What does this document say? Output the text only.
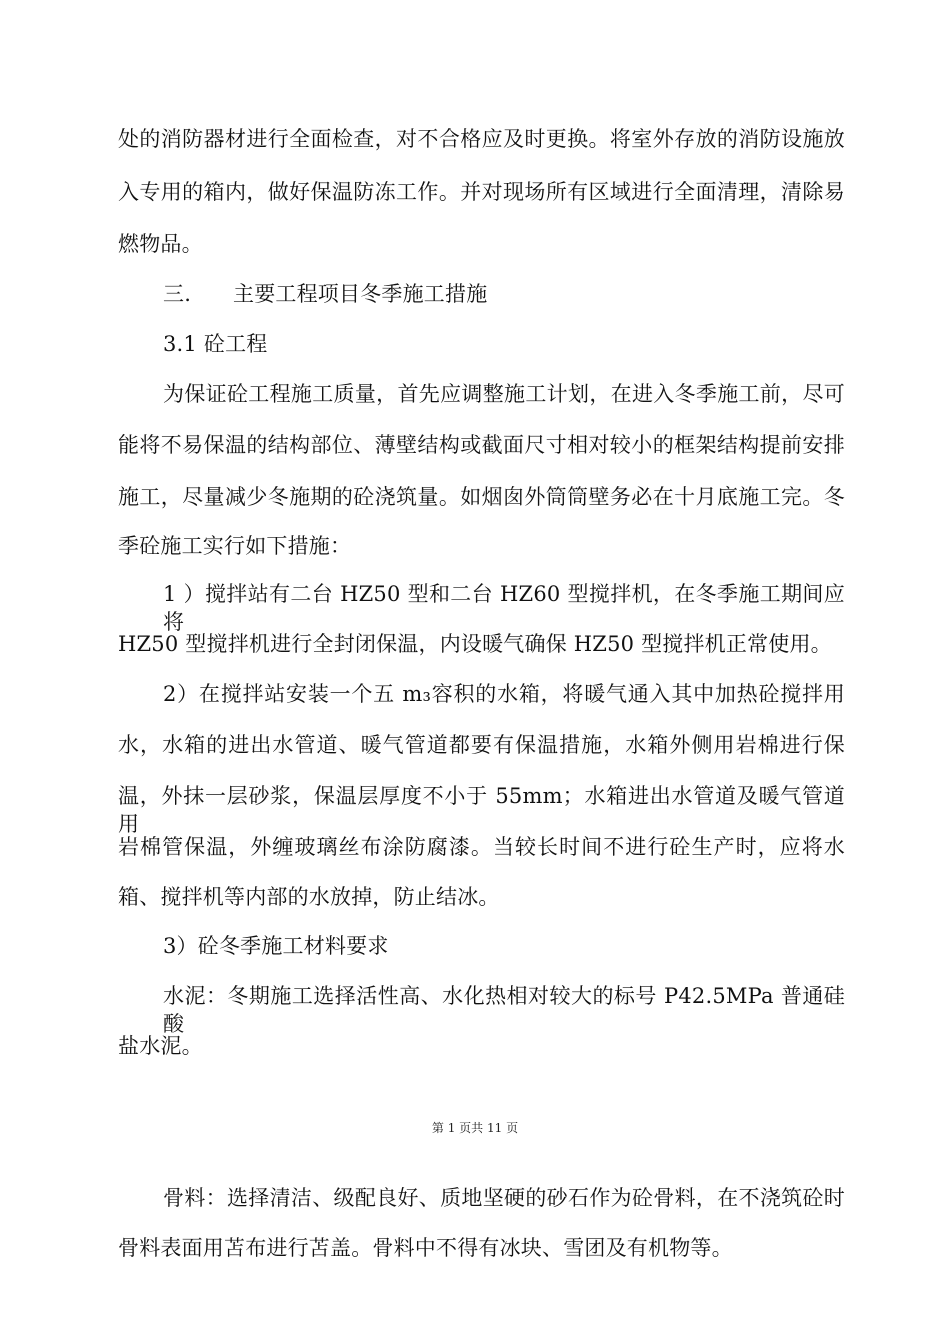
处的消防器材进行全面检查，对不合格应及时更换。将室外存放的消防设施放
入专用的箱内，做好保温防冻工作。并对现场所有区域进行全面清理，清除易
燃物品。
三. 主要工程项目冬季施工措施
3.1 砼工程
为保证砼工程施工质量，首先应调整施工计划，在进入冬季施工前，尽可
能将不易保温的结构部位、薄壁结构或截面尺寸相对较小的框架结构提前安排
施工，尽量减少冬施期的砼浇筑量。如烟囱外筒筒壁务必在十月底施工完。冬
季砼施工实行如下措施：
1 ）搅拌站有二台 HZ50 型和二台 HZ60 型搅拌机，在冬季施工期间应将
HZ50 型搅拌机进行全封闭保温，内设暖气确保 HZ50 型搅拌机正常使用。
2）在搅拌站安装一个五 m₃容积的水箱，将暖气通入其中加热砼搅拌用
水，水箱的进出水管道、暖气管道都要有保温措施，水箱外侧用岩棉进行保
温，外抹一层砂浆，保温层厚度不小于 55mm；水箱进出水管道及暖气管道用
岩棉管保温，外缠玻璃丝布涂防腐漆。当较长时间不进行砼生产时，应将水
箱、搅拌机等内部的水放掉，防止结冰。
3）砼冬季施工材料要求
水泥：冬期施工选择活性高、水化热相对较大的标号 P42.5MPa 普通硅酸
盐水泥。
第 1 页共 11 页
骨料：选择清洁、级配良好、质地坚硬的砂石作为砼骨料，在不浇筑砼时
骨料表面用苫布进行苫盖。骨料中不得有冰块、雪团及有机物等。
